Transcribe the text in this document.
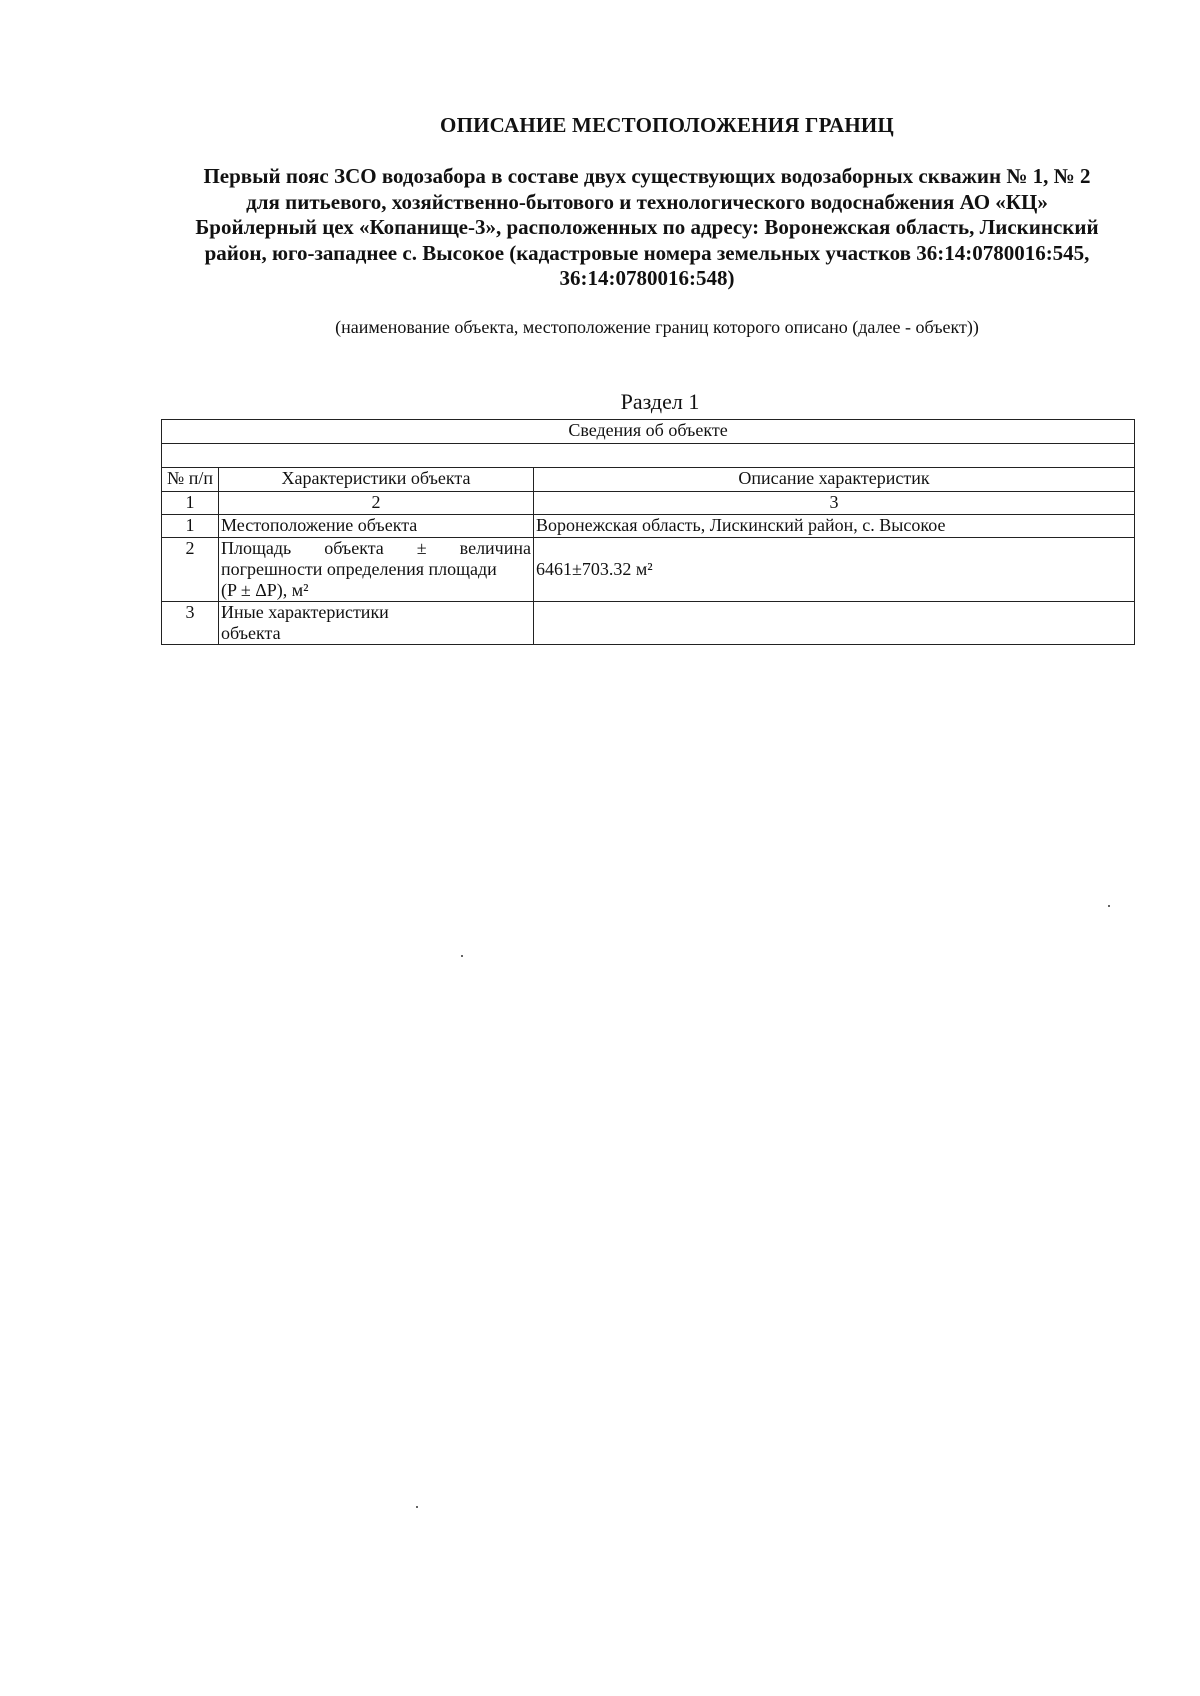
ОПИСАНИЕ МЕСТОПОЛОЖЕНИЯ ГРАНИЦ
Первый пояс ЗСО водозабора в составе двух существующих водозаборных скважин № 1, № 2
для питьевого, хозяйственно-бытового и технологического водоснабжения АО «КЦ»
Бройлерный цех «Копанище-3», расположенных по адресу: Воронежская область, Лискинский
район, юго-западнее с. Высокое (кадастровые номера земельных участков 36:14:0780016:545,
36:14:0780016:548)
(наименование объекта, местоположение границ которого описано (далее - объект))
Раздел 1
Сведения об объекте		

№ п/п	Характеристики объекта	Описание характеристик
1	2	3
1	Местоположение объекта	Воронежская область, Лискинский район, с. Высокое
2	Площадь объекта ± величина
погрешности определения площади
(P ± ΔP), м²	6461±703.32 м²
3	Иные характеристики
объекта	
